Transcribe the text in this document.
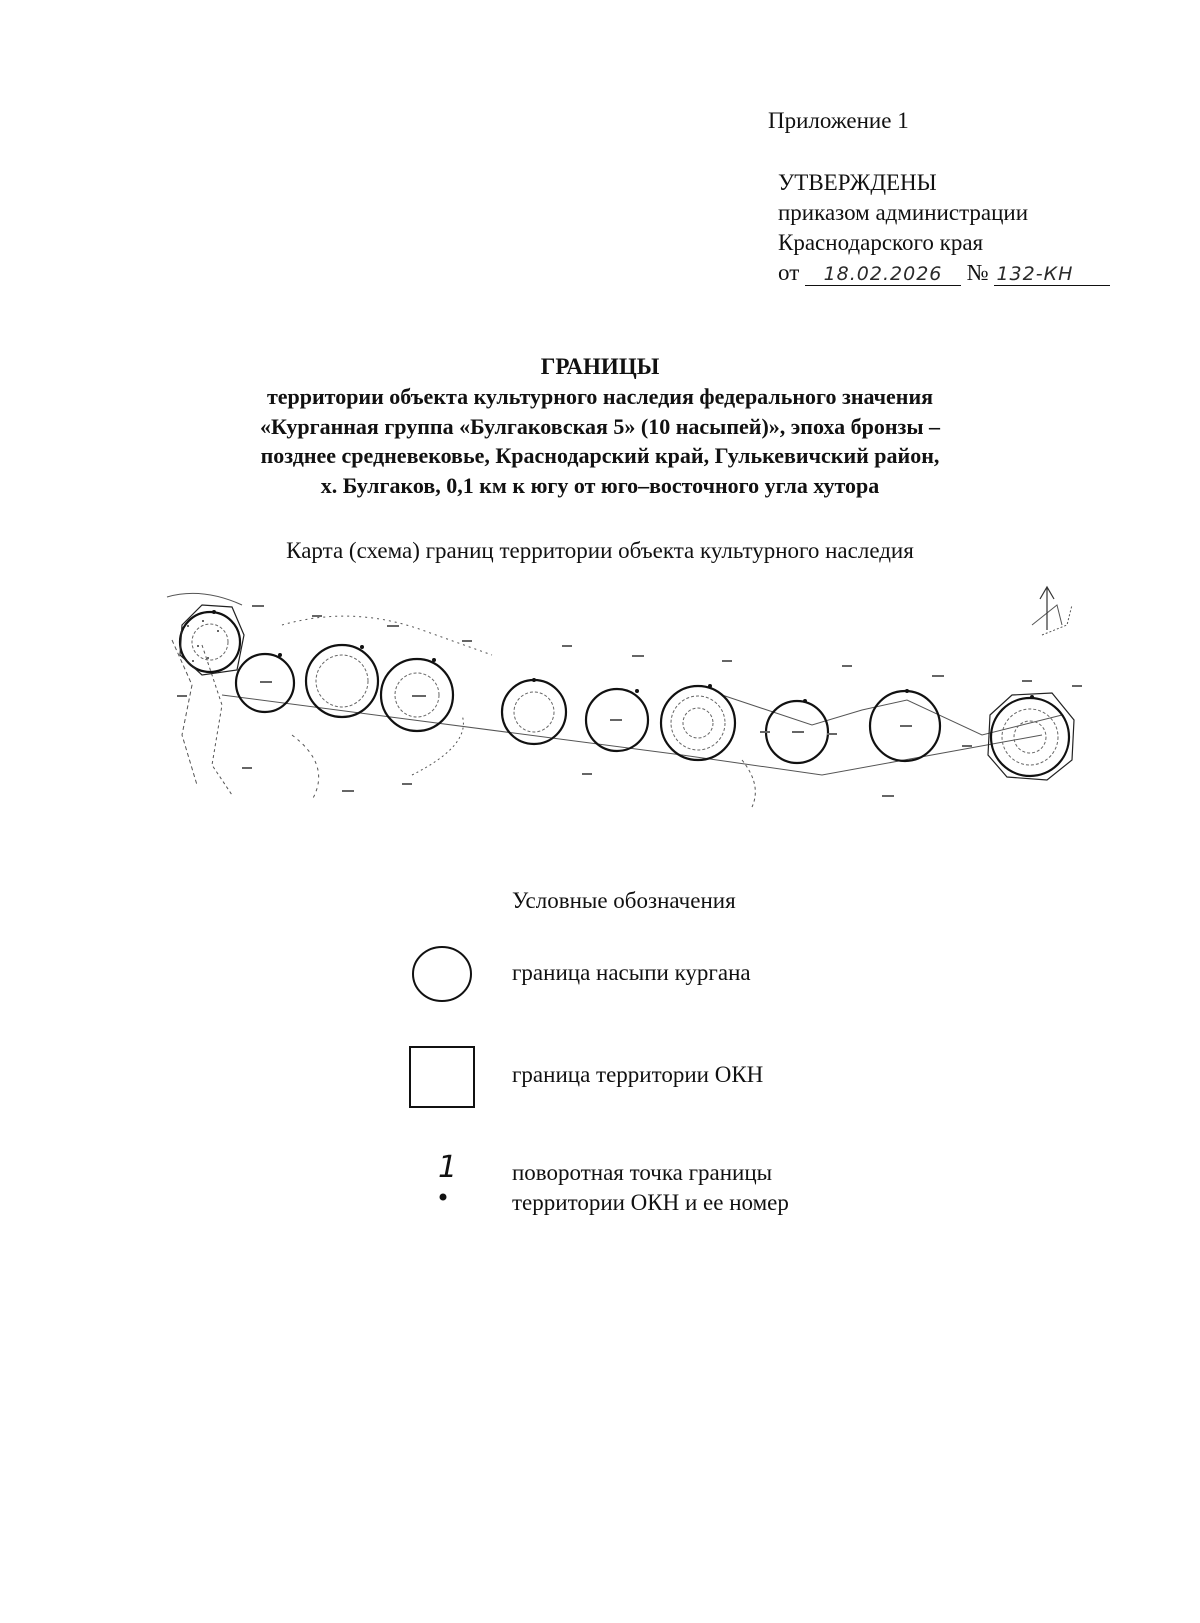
Приложение 1
УТВЕРЖДЕНЫ
приказом администрации
Краснодарского края
от 18.02.2026 № 132-КН
ГРАНИЦЫ
территории объекта культурного наследия федерального значения
«Курганная группа «Булгаковская 5» (10 насыпей)», эпоха бронзы –
позднее средневековье, Краснодарский край, Гулькевичский район,
х. Булгаков, 0,1 км к югу от юго–восточного угла хутора
Карта (схема) границ территории объекта культурного наследия
Условные обозначения
граница насыпи кургана
граница территории ОКН
1 поворотная точка границы
территории ОКН и ее номер
